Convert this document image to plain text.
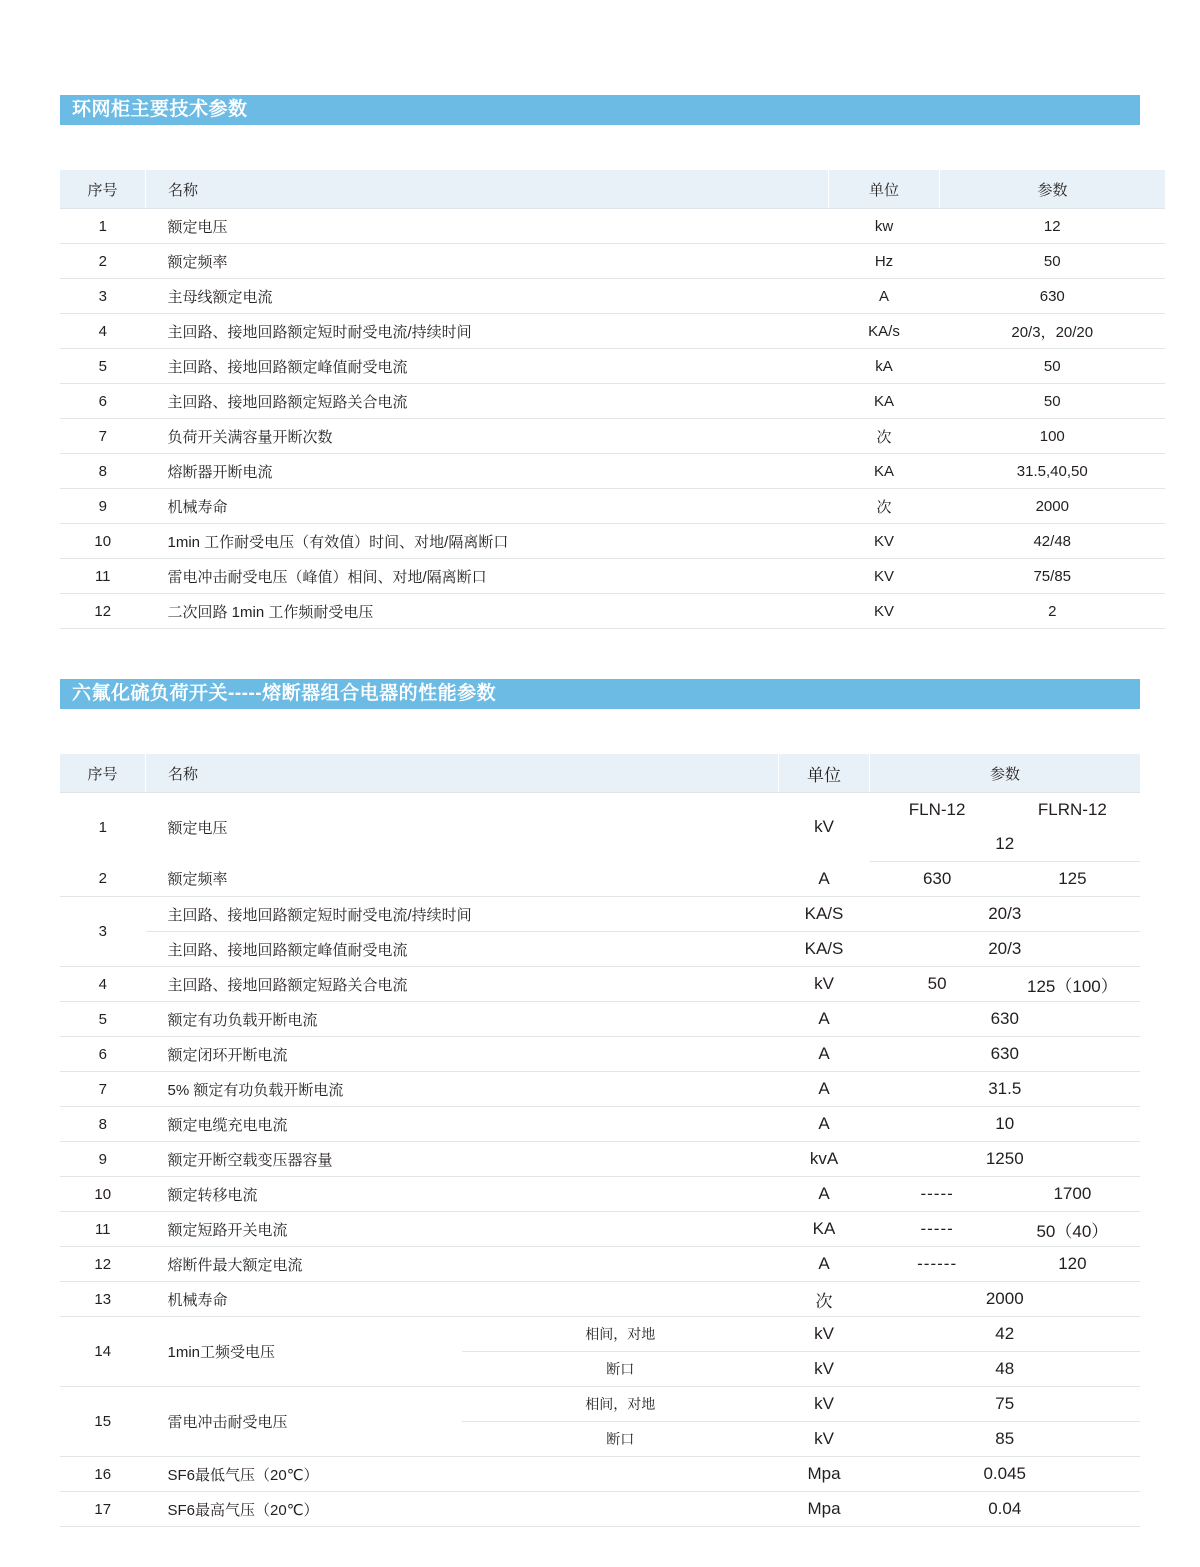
环网柜主要技术参数
序号	名称	单位	参数
1	额定电压	kw	12
2	额定频率	Hz	50
3	主母线额定电流	A	630
4	主回路、接地回路额定短时耐受电流/持续时间	KA/s	20/3，20/20
5	主回路、接地回路额定峰值耐受电流	kA	50
6	主回路、接地回路额定短路关合电流	KA	50
7	负荷开关满容量开断次数	次	100
8	熔断器开断电流	KA	31.5,40,50
9	机械寿命	次	2000
10	1min 工作耐受电压（有效值）时间、对地/隔离断口	KV	42/48
11	雷电冲击耐受电压（峰值）相间、对地/隔离断口	KV	75/85
12	二次回路 1min 工作频耐受电压	KV	2
六氟化硫负荷开关-----熔断器组合电器的性能参数
序号	名称		单位	参数	
1	额定电压		kV	FLN-12	FLRN-12
				12	
2	额定频率		A	630	125
3	主回路、接地回路额定短时耐受电流/持续时间		KA/S	20/3	
	主回路、接地回路额定峰值耐受电流		KA/S	20/3	
4	主回路、接地回路额定短路关合电流		kV	50	125（100）
5	额定有功负载开断电流		A	630	
6	额定闭环开断电流		A	630	
7	5% 额定有功负载开断电流		A	31.5	
8	额定电缆充电电流		A	10	
9	额定开断空载变压器容量		kvA	1250	
10	额定转移电流		A	-----	1700
11	额定短路开关电流		KA	-----	50（40）
12	熔断件最大额定电流		A	------	120
13	机械寿命		次	2000	
14	1min工频受电压	相间，对地	kV	42	
		断口	kV	48	
15	雷电冲击耐受电压	相间，对地	kV	75	
		断口	kV	85	
16	SF6最低气压（20℃）		Mpa	0.045	
17	SF6最高气压（20℃）		Mpa	0.04	
